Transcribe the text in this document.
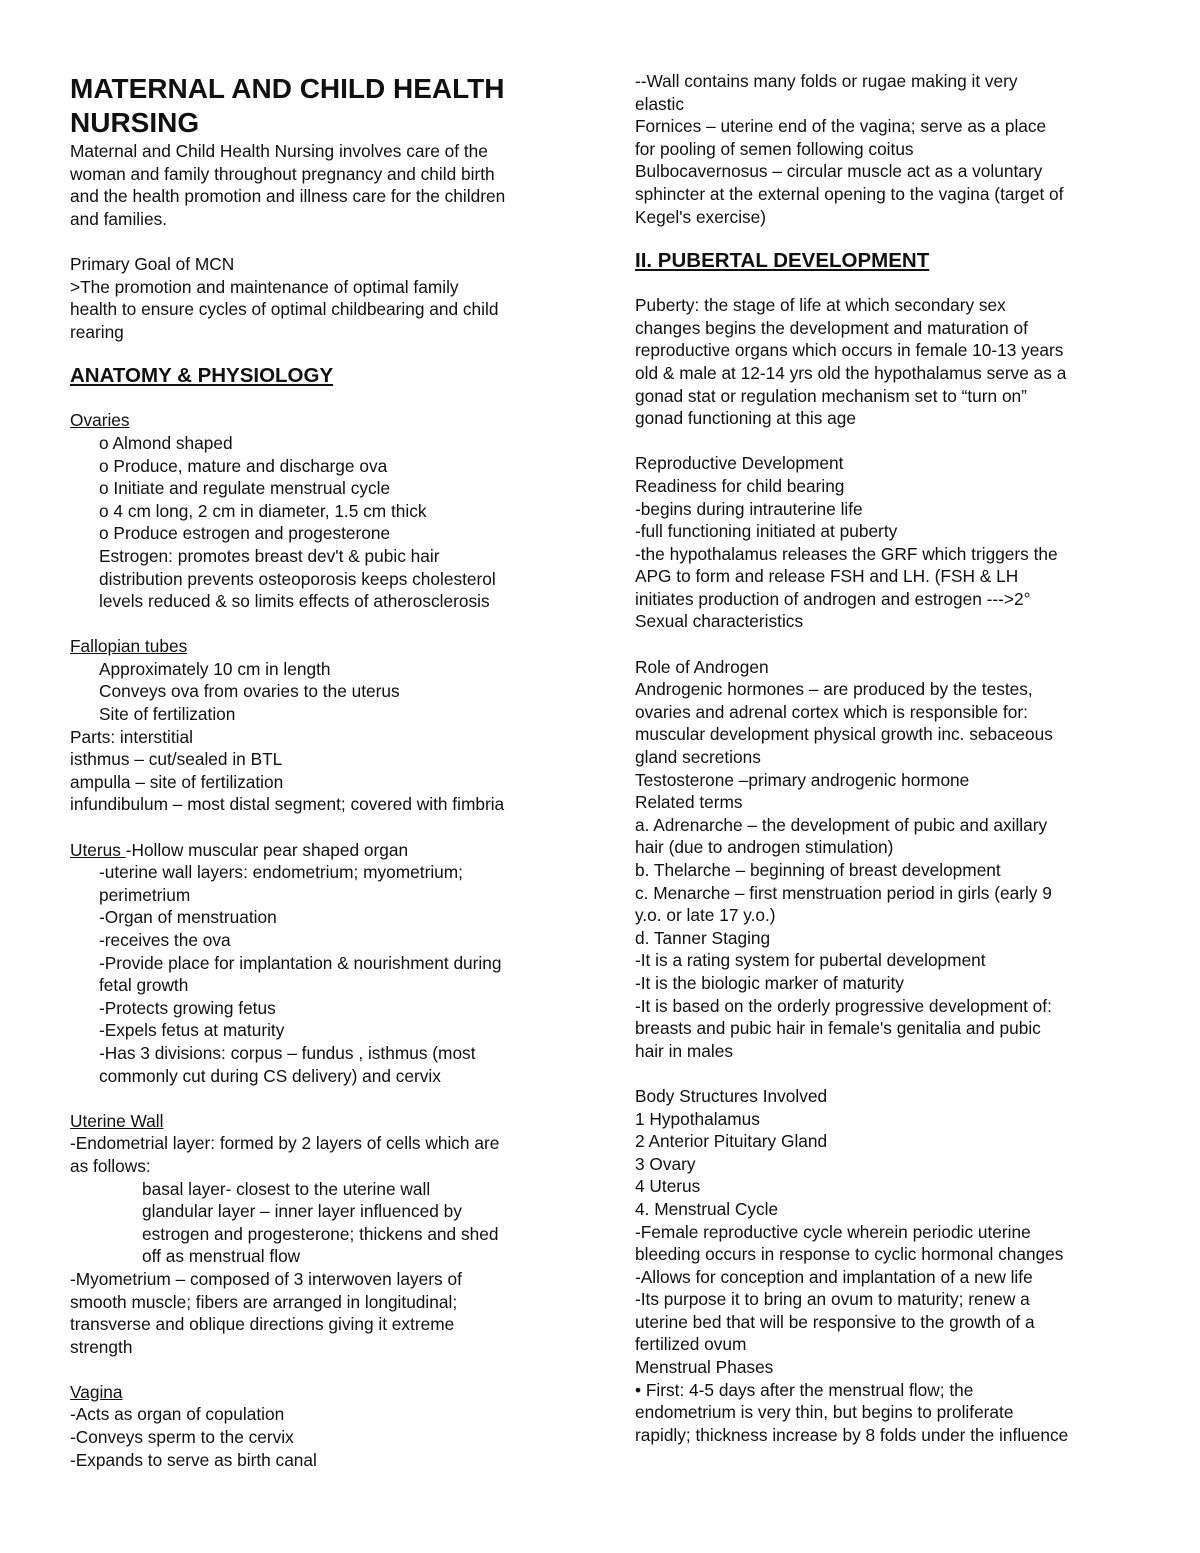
MATERNAL AND CHILD HEALTH
NURSING
Maternal and Child Health Nursing involves care of the
woman and family throughout pregnancy and child birth
and the health promotion and illness care for the children
and families.
Primary Goal of MCN
>The promotion and maintenance of optimal family
health to ensure cycles of optimal childbearing and child
rearing
ANATOMY & PHYSIOLOGY
Ovaries
o Almond shaped
o Produce, mature and discharge ova
o Initiate and regulate menstrual cycle
o 4 cm long, 2 cm in diameter, 1.5 cm thick
o Produce estrogen and progesterone
Estrogen: promotes breast dev't & pubic hair
distribution prevents osteoporosis keeps cholesterol
levels reduced & so limits effects of atherosclerosis
Fallopian tubes
Approximately 10 cm in length
Conveys ova from ovaries to the uterus
Site of fertilization
Parts: interstitial
isthmus – cut/sealed in BTL
ampulla – site of fertilization
infundibulum – most distal segment; covered with fimbria
Uterus -Hollow muscular pear shaped organ
-uterine wall layers: endometrium; myometrium;
perimetrium
-Organ of menstruation
-receives the ova
-Provide place for implantation & nourishment during
fetal growth
-Protects growing fetus
-Expels fetus at maturity
-Has 3 divisions: corpus – fundus , isthmus (most
commonly cut during CS delivery) and cervix
Uterine Wall
-Endometrial layer: formed by 2 layers of cells which are
as follows:
basal layer- closest to the uterine wall
glandular layer – inner layer influenced by
estrogen and progesterone; thickens and shed
off as menstrual flow
-Myometrium – composed of 3 interwoven layers of
smooth muscle; fibers are arranged in longitudinal;
transverse and oblique directions giving it extreme
strength
Vagina
-Acts as organ of copulation
-Conveys sperm to the cervix
-Expands to serve as birth canal
--Wall contains many folds or rugae making it very
elastic
Fornices – uterine end of the vagina; serve as a place
for pooling of semen following coitus
Bulbocavernosus – circular muscle act as a voluntary
sphincter at the external opening to the vagina (target of
Kegel's exercise)
II. PUBERTAL DEVELOPMENT
Puberty: the stage of life at which secondary sex
changes begins the development and maturation of
reproductive organs which occurs in female 10-13 years
old & male at 12-14 yrs old the hypothalamus serve as a
gonad stat or regulation mechanism set to “turn on”
gonad functioning at this age
Reproductive Development
Readiness for child bearing
-begins during intrauterine life
-full functioning initiated at puberty
-the hypothalamus releases the GRF which triggers the
APG to form and release FSH and LH. (FSH & LH
initiates production of androgen and estrogen --->2°
Sexual characteristics
Role of Androgen
Androgenic hormones – are produced by the testes,
ovaries and adrenal cortex which is responsible for:
muscular development physical growth inc. sebaceous
gland secretions
Testosterone –primary androgenic hormone
Related terms
a. Adrenarche – the development of pubic and axillary
hair (due to androgen stimulation)
b. Thelarche – beginning of breast development
c. Menarche – first menstruation period in girls (early 9
y.o. or late 17 y.o.)
d. Tanner Staging
-It is a rating system for pubertal development
-It is the biologic marker of maturity
-It is based on the orderly progressive development of:
breasts and pubic hair in female's genitalia and pubic
hair in males
Body Structures Involved
1 Hypothalamus
2 Anterior Pituitary Gland
3 Ovary
4 Uterus
4. Menstrual Cycle
-Female reproductive cycle wherein periodic uterine
bleeding occurs in response to cyclic hormonal changes
-Allows for conception and implantation of a new life
-Its purpose it to bring an ovum to maturity; renew a
uterine bed that will be responsive to the growth of a
fertilized ovum
Menstrual Phases
• First: 4-5 days after the menstrual flow; the
endometrium is very thin, but begins to proliferate
rapidly; thickness increase by 8 folds under the influence
